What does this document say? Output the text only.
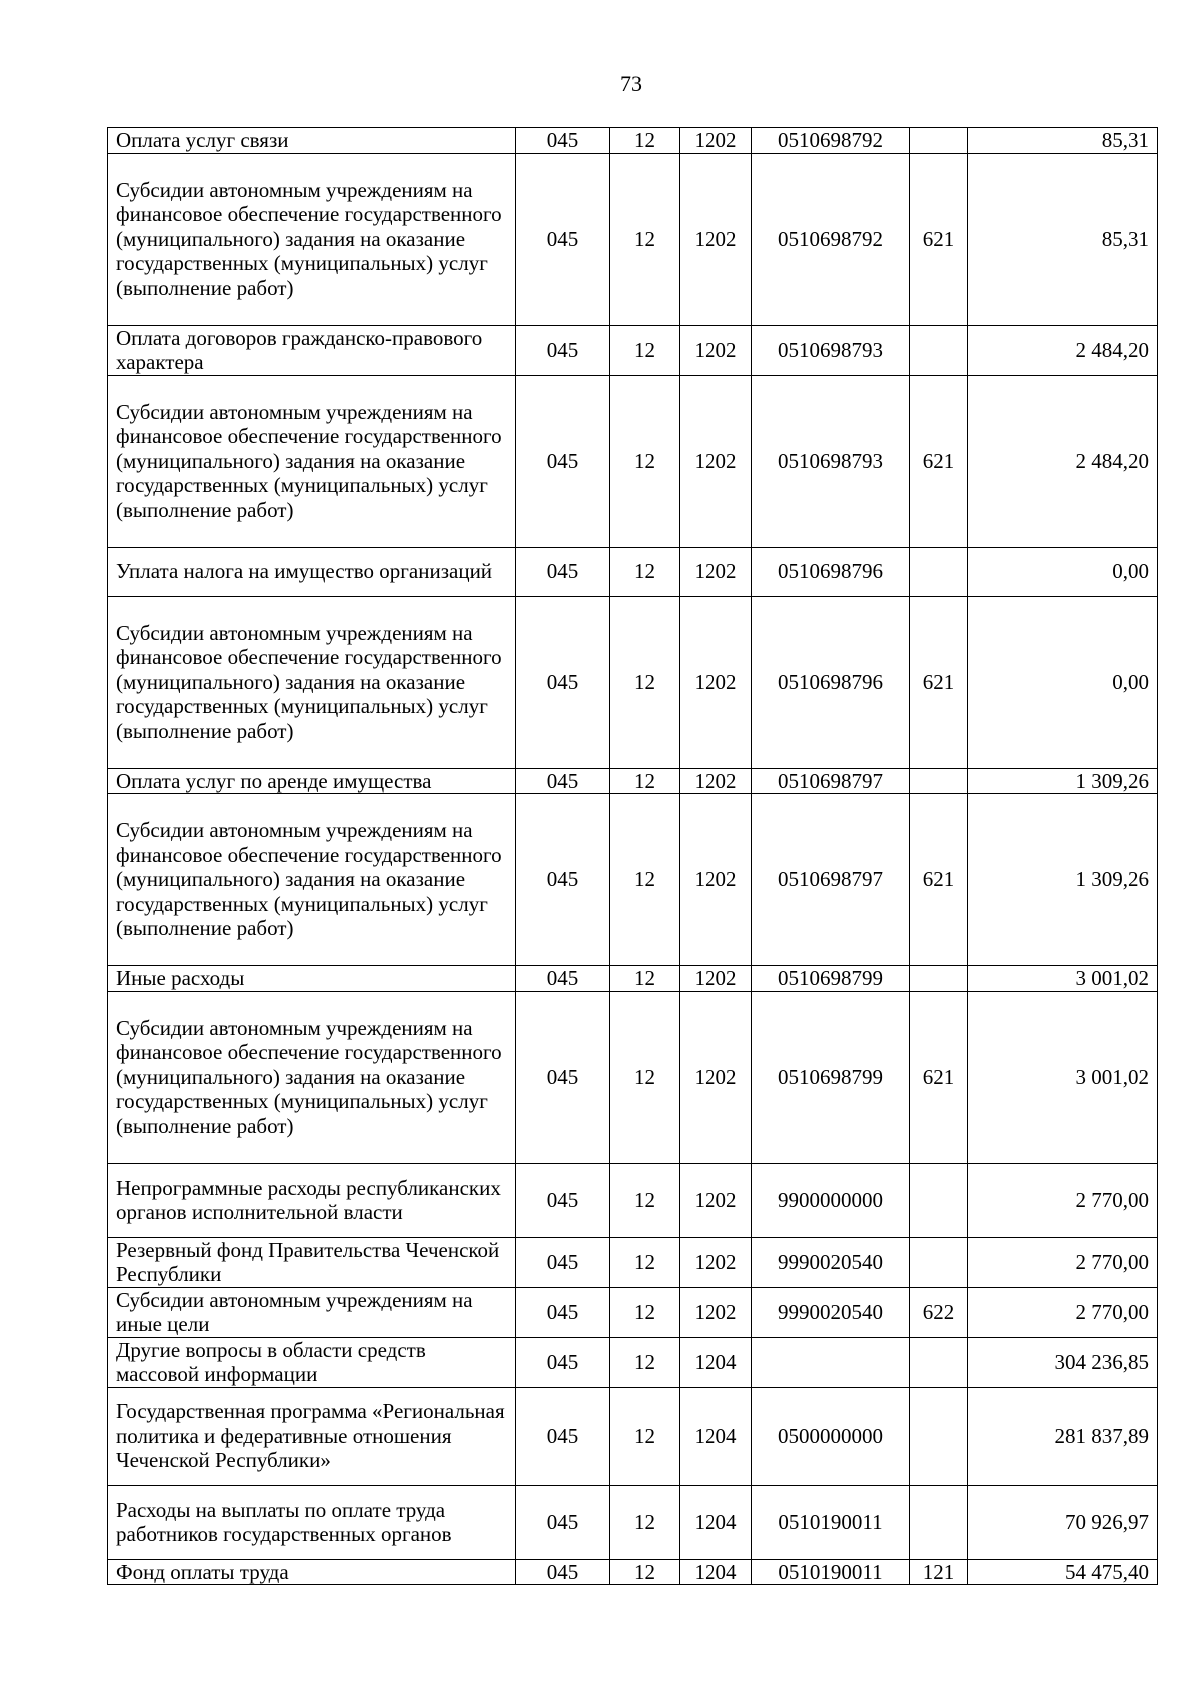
73
Оплата услуг связи	045	12	1202	0510698792		85,31
Субсидии автономным учреждениям на финансовое обеспечение государственного (муниципального) задания на оказание государственных (муниципальных) услуг (выполнение работ)	045	12	1202	0510698792	621	85,31
Оплата договоров гражданско-правового характера	045	12	1202	0510698793		2 484,20
Субсидии автономным учреждениям на финансовое обеспечение государственного (муниципального) задания на оказание государственных (муниципальных) услуг (выполнение работ)	045	12	1202	0510698793	621	2 484,20
Уплата налога на имущество организаций	045	12	1202	0510698796		0,00
Субсидии автономным учреждениям на финансовое обеспечение государственного (муниципального) задания на оказание государственных (муниципальных) услуг (выполнение работ)	045	12	1202	0510698796	621	0,00
Оплата услуг по аренде имущества	045	12	1202	0510698797		1 309,26
Субсидии автономным учреждениям на финансовое обеспечение государственного (муниципального) задания на оказание государственных (муниципальных) услуг (выполнение работ)	045	12	1202	0510698797	621	1 309,26
Иные расходы	045	12	1202	0510698799		3 001,02
Субсидии автономным учреждениям на финансовое обеспечение государственного (муниципального) задания на оказание государственных (муниципальных) услуг (выполнение работ)	045	12	1202	0510698799	621	3 001,02
Непрограммные расходы республиканских органов исполнительной власти	045	12	1202	9900000000		2 770,00
Резервный фонд Правительства Чеченской Республики	045	12	1202	9990020540		2 770,00
Субсидии автономным учреждениям на иные цели	045	12	1202	9990020540	622	2 770,00
Другие вопросы в области средств массовой информации	045	12	1204			304 236,85
Государственная программа «Региональная политика и федеративные отношения Чеченской Республики»	045	12	1204	0500000000		281 837,89
Расходы на выплаты по оплате труда работников государственных органов	045	12	1204	0510190011		70 926,97
Фонд оплаты труда	045	12	1204	0510190011	121	54 475,40
